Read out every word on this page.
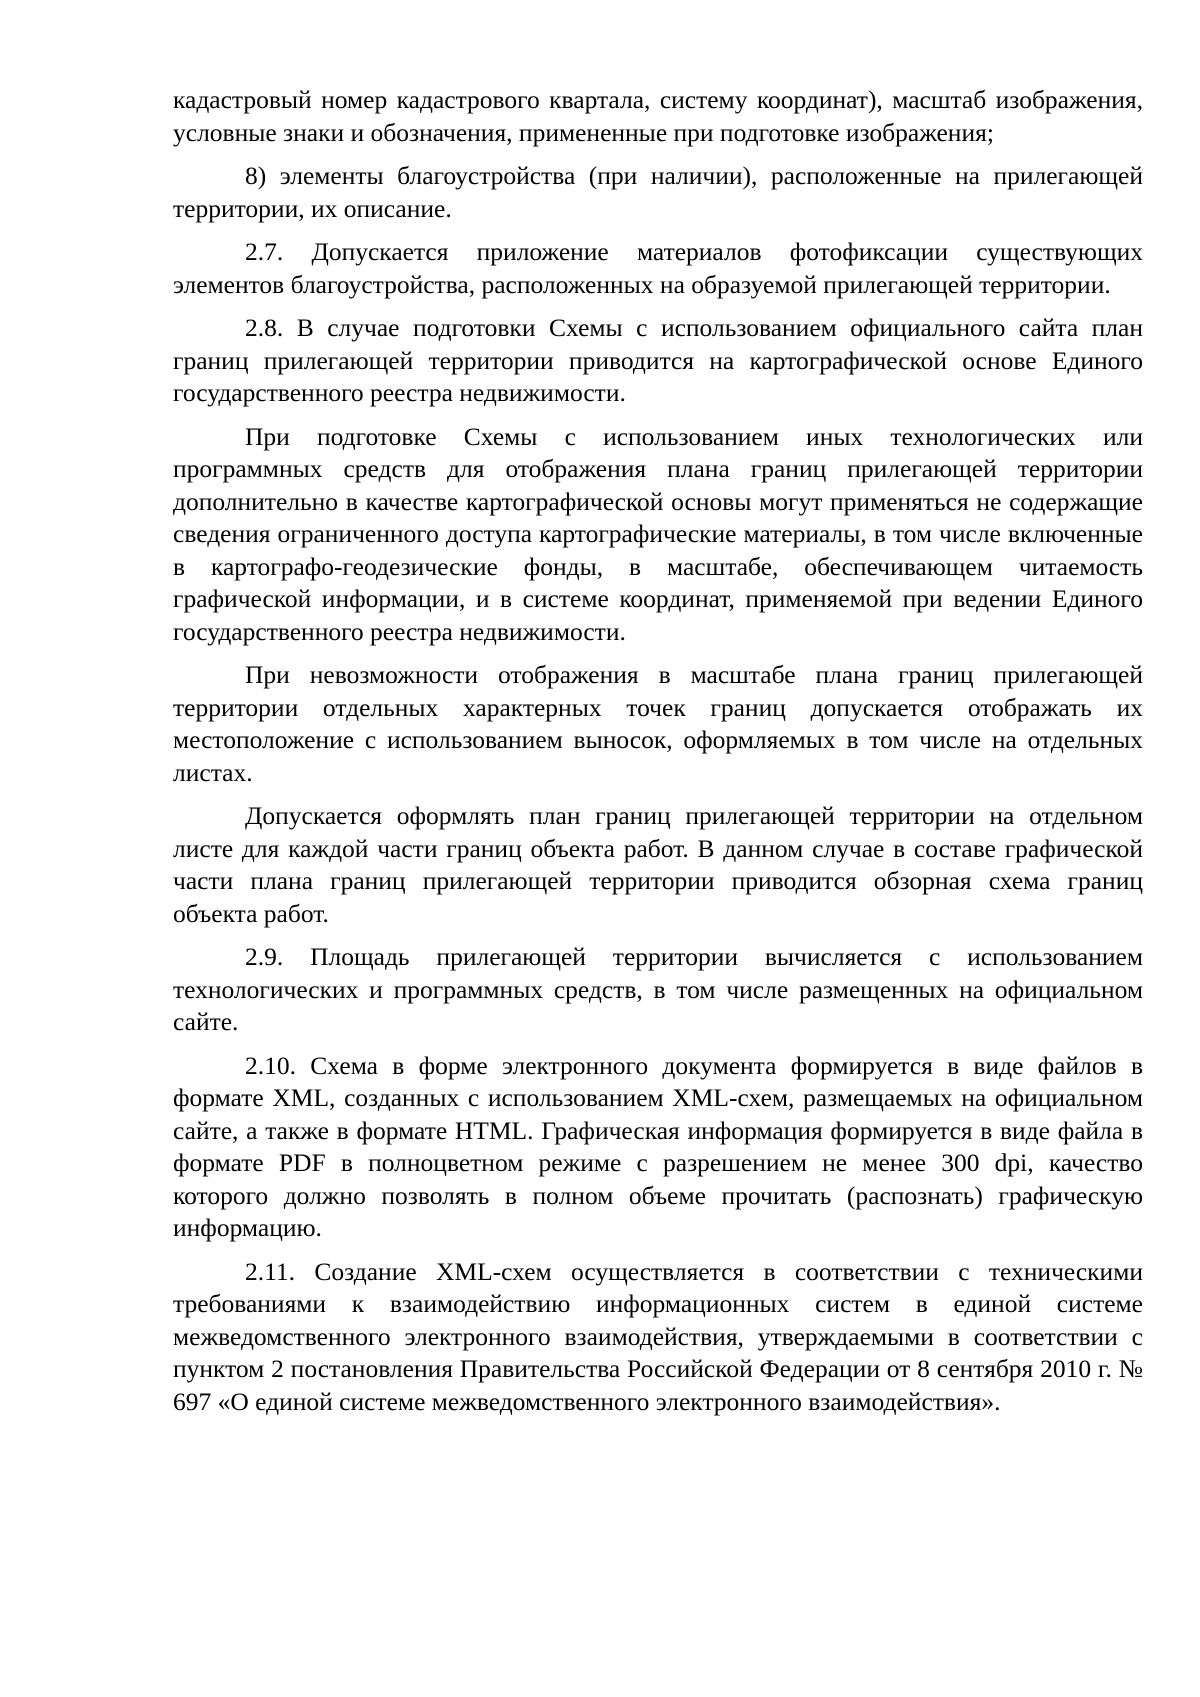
кадастровый номер кадастрового квартала, систему координат), масштаб изображения, условные знаки и обозначения, примененные при подготовке изображения;

8) элементы благоустройства (при наличии), расположенные на прилегающей территории, их описание.

2.7. Допускается приложение материалов фотофиксации существующих элементов благоустройства, расположенных на образуемой прилегающей территории.

2.8. В случае подготовки Схемы с использованием официального сайта план границ прилегающей территории приводится на картографической основе Единого государственного реестра недвижимости.

При подготовке Схемы с использованием иных технологических или программных средств для отображения плана границ прилегающей территории дополнительно в качестве картографической основы могут применяться не содержащие сведения ограниченного доступа картографические материалы, в том числе включенные в картографо-геодезические фонды, в масштабе, обеспечивающем читаемость графической информации, и в системе координат, применяемой при ведении Единого государственного реестра недвижимости.

При невозможности отображения в масштабе плана границ прилегающей территории отдельных характерных точек границ допускается отображать их местоположение с использованием выносок, оформляемых в том числе на отдельных листах.

Допускается оформлять план границ прилегающей территории на отдельном листе для каждой части границ объекта работ. В данном случае в составе графической части плана границ прилегающей территории приводится обзорная схема границ объекта работ.

2.9. Площадь прилегающей территории вычисляется с использованием технологических и программных средств, в том числе размещенных на официальном сайте.

2.10. Схема в форме электронного документа формируется в виде файлов в формате XML, созданных с использованием XML-схем, размещаемых на официальном сайте, а также в формате HTML. Графическая информация формируется в виде файла в формате PDF в полноцветном режиме с разрешением не менее 300 dpi, качество которого должно позволять в полном объеме прочитать (распознать) графическую информацию.

2.11. Создание XML-схем осуществляется в соответствии с техническими требованиями к взаимодействию информационных систем в единой системе межведомственного электронного взаимодействия, утверждаемыми в соответствии с пунктом 2 постановления Правительства Российской Федерации от 8 сентября 2010 г. № 697 «О единой системе межведомственного электронного взаимодействия».
